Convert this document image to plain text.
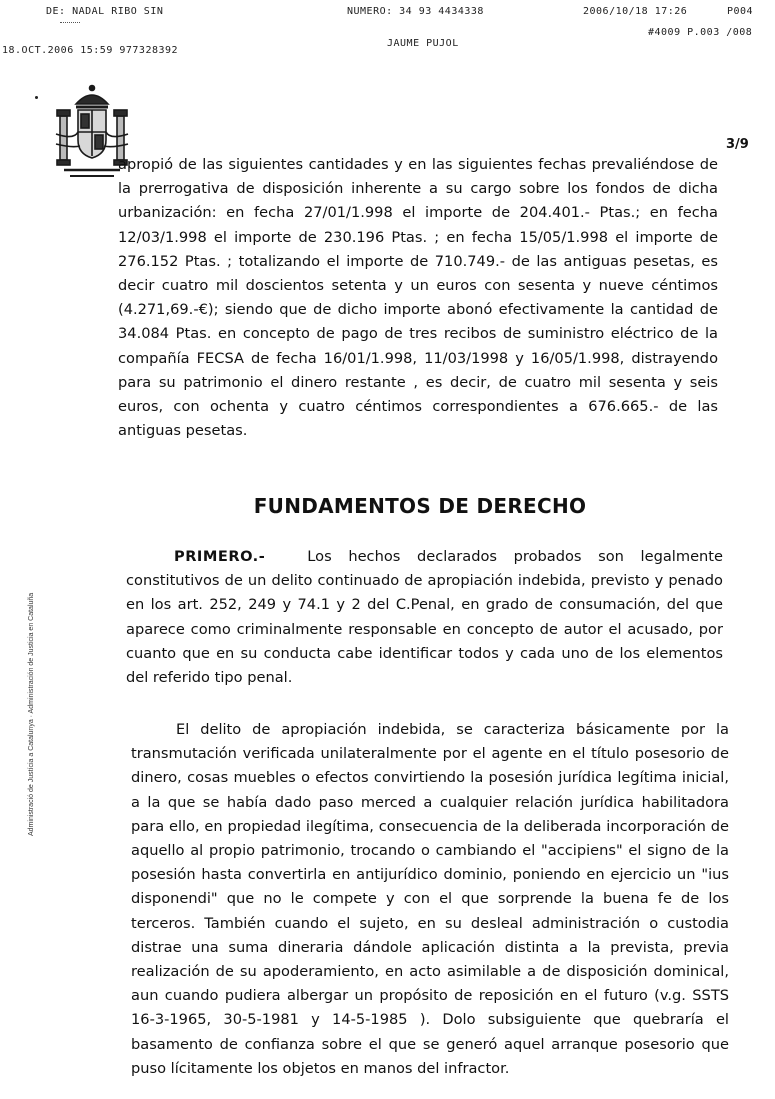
DE: NADAL RIBO SIN	NUMERO: 34 93 4434338	2006/10/18 17:26	P004
18.OCT.2006 15:59 977328392
JAUME PUJOL
#4009 P.003 /008
3/9
Administració de Justícia a Catalunya · Administración de Justicia en Cataluña

apropió de las siguientes cantidades y en las siguientes fechas prevaliéndose de la prerrogativa de disposición inherente a su cargo sobre los fondos de dicha urbanización: en fecha 27/01/1.998 el importe de 204.401.- Ptas.; en fecha 12/03/1.998 el importe de 230.196 Ptas. ; en fecha 15/05/1.998 el importe de 276.152 Ptas. ; totalizando el importe de 710.749.- de las antiguas pesetas, es decir cuatro mil doscientos setenta y un euros con sesenta y nueve céntimos (4.271,69.-€); siendo que de dicho importe abonó efectivamente la cantidad de 34.084 Ptas. en concepto de pago de tres recibos de suministro eléctrico de la compañía FECSA de fecha 16/01/1.998, 11/03/1998 y 16/05/1.998, distrayendo para su patrimonio el dinero restante , es decir, de cuatro mil sesenta y seis euros, con ochenta y cuatro céntimos correspondientes a 676.665.- de las antiguas pesetas.

FUNDAMENTOS DE DERECHO

PRIMERO.-	Los hechos declarados probados son legalmente constitutivos de un delito continuado de apropiación indebida, previsto y penado en los art. 252, 249 y 74.1 y 2 del C.Penal, en grado de consumación, del que aparece como criminalmente responsable en concepto de autor el acusado, por cuanto que en su conducta cabe identificar todos y cada uno de los elementos del referido tipo penal.

El delito de apropiación indebida, se caracteriza básicamente por la transmutación verificada unilateralmente por el agente en el título posesorio de dinero, cosas muebles o efectos convirtiendo la posesión jurídica legítima inicial, a la que se había dado paso merced a cualquier relación jurídica habilitadora para ello, en propiedad ilegítima, consecuencia de la deliberada incorporación de aquello al propio patrimonio, trocando o cambiando el "accipiens" el signo de la posesión hasta convertirla en antijurídico dominio, poniendo en ejercicio un "ius disponendi" que no le compete y con el que sorprende la buena fe de los terceros. También cuando el sujeto, en su desleal administración o custodia distrae una suma dineraria dándole aplicación distinta a la prevista, previa realización de su apoderamiento, en acto asimilable a de disposición dominical, aun cuando pudiera albergar un propósito de reposición en el futuro (v.g. SSTS 16-3-1965, 30-5-1981 y 14-5-1985 ). Dolo subsiguiente que quebraría el basamento de confianza sobre el que se generó aquel arranque posesorio que puso lícitamente los objetos en manos del infractor.
